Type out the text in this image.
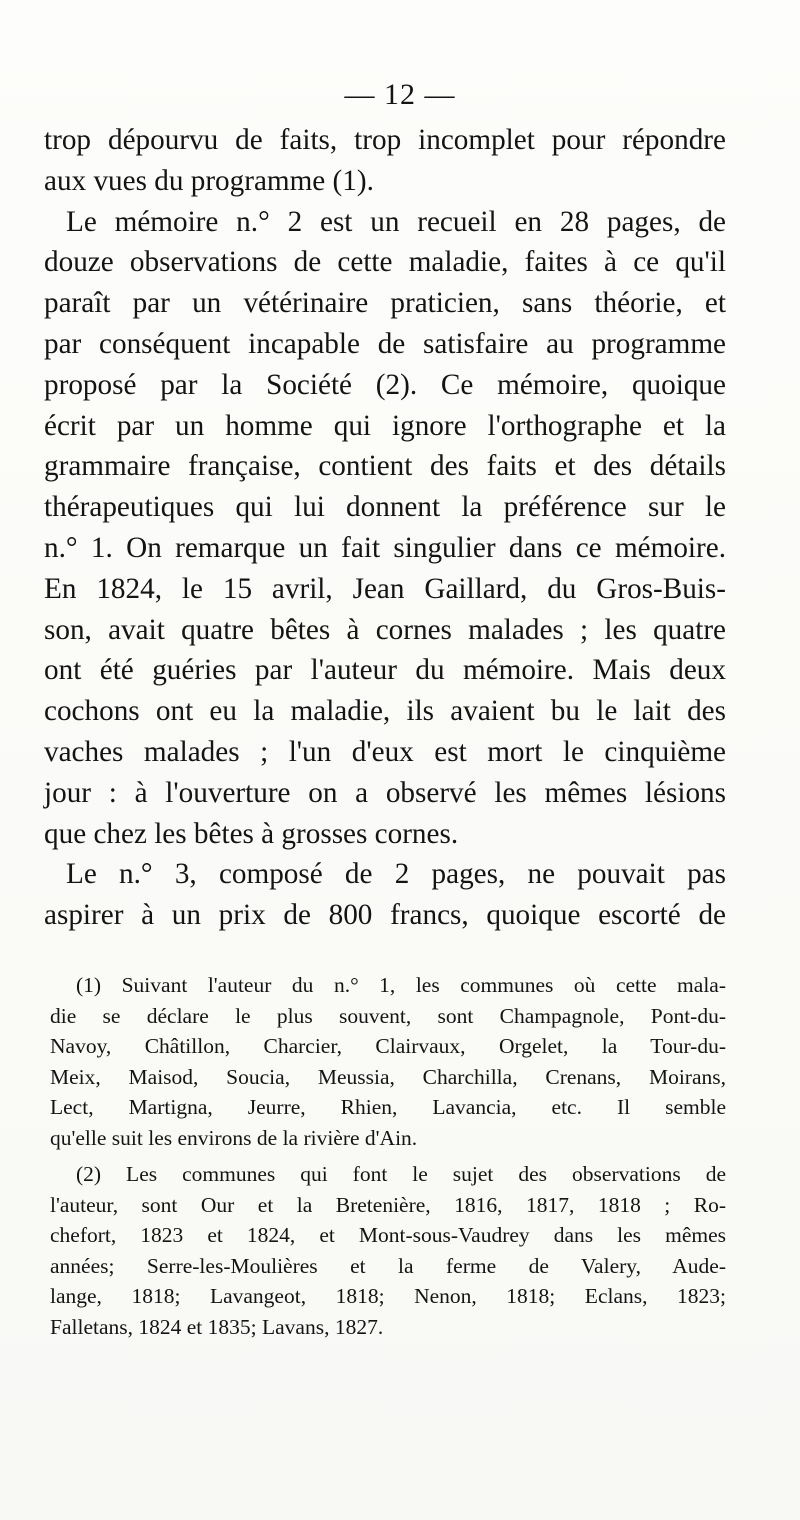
— 12 —
trop dépourvu de faits, trop incomplet pour répondre
aux vues du programme (1).
Le mémoire n.° 2 est un recueil en 28 pages, de
douze observations de cette maladie, faites à ce qu'il
paraît par un vétérinaire praticien, sans théorie, et
par conséquent incapable de satisfaire au programme
proposé par la Société (2). Ce mémoire, quoique
écrit par un homme qui ignore l'orthographe et la
grammaire française, contient des faits et des détails
thérapeutiques qui lui donnent la préférence sur le
n.° 1. On remarque un fait singulier dans ce mémoire.
En 1824, le 15 avril, Jean Gaillard, du Gros-Buis-
son, avait quatre bêtes à cornes malades ; les quatre
ont été guéries par l'auteur du mémoire. Mais deux
cochons ont eu la maladie, ils avaient bu le lait des
vaches malades ; l'un d'eux est mort le cinquième
jour : à l'ouverture on a observé les mêmes lésions
que chez les bêtes à grosses cornes.
Le n.° 3, composé de 2 pages, ne pouvait pas
aspirer à un prix de 800 francs, quoique escorté de
(1) Suivant l'auteur du n.° 1, les communes où cette mala-
die se déclare le plus souvent, sont Champagnole, Pont-du-
Navoy, Châtillon, Charcier, Clairvaux, Orgelet, la Tour-du-
Meix, Maisod, Soucia, Meussia, Charchilla, Crenans, Moirans,
Lect, Martigna, Jeurre, Rhien, Lavancia, etc. Il semble
qu'elle suit les environs de la rivière d'Ain.
(2) Les communes qui font le sujet des observations de
l'auteur, sont Our et la Bretenière, 1816, 1817, 1818 ; Ro-
chefort, 1823 et 1824, et Mont-sous-Vaudrey dans les mêmes
années; Serre-les-Moulières et la ferme de Valery, Aude-
lange, 1818; Lavangeot, 1818; Nenon, 1818; Eclans, 1823;
Falletans, 1824 et 1835; Lavans, 1827.
